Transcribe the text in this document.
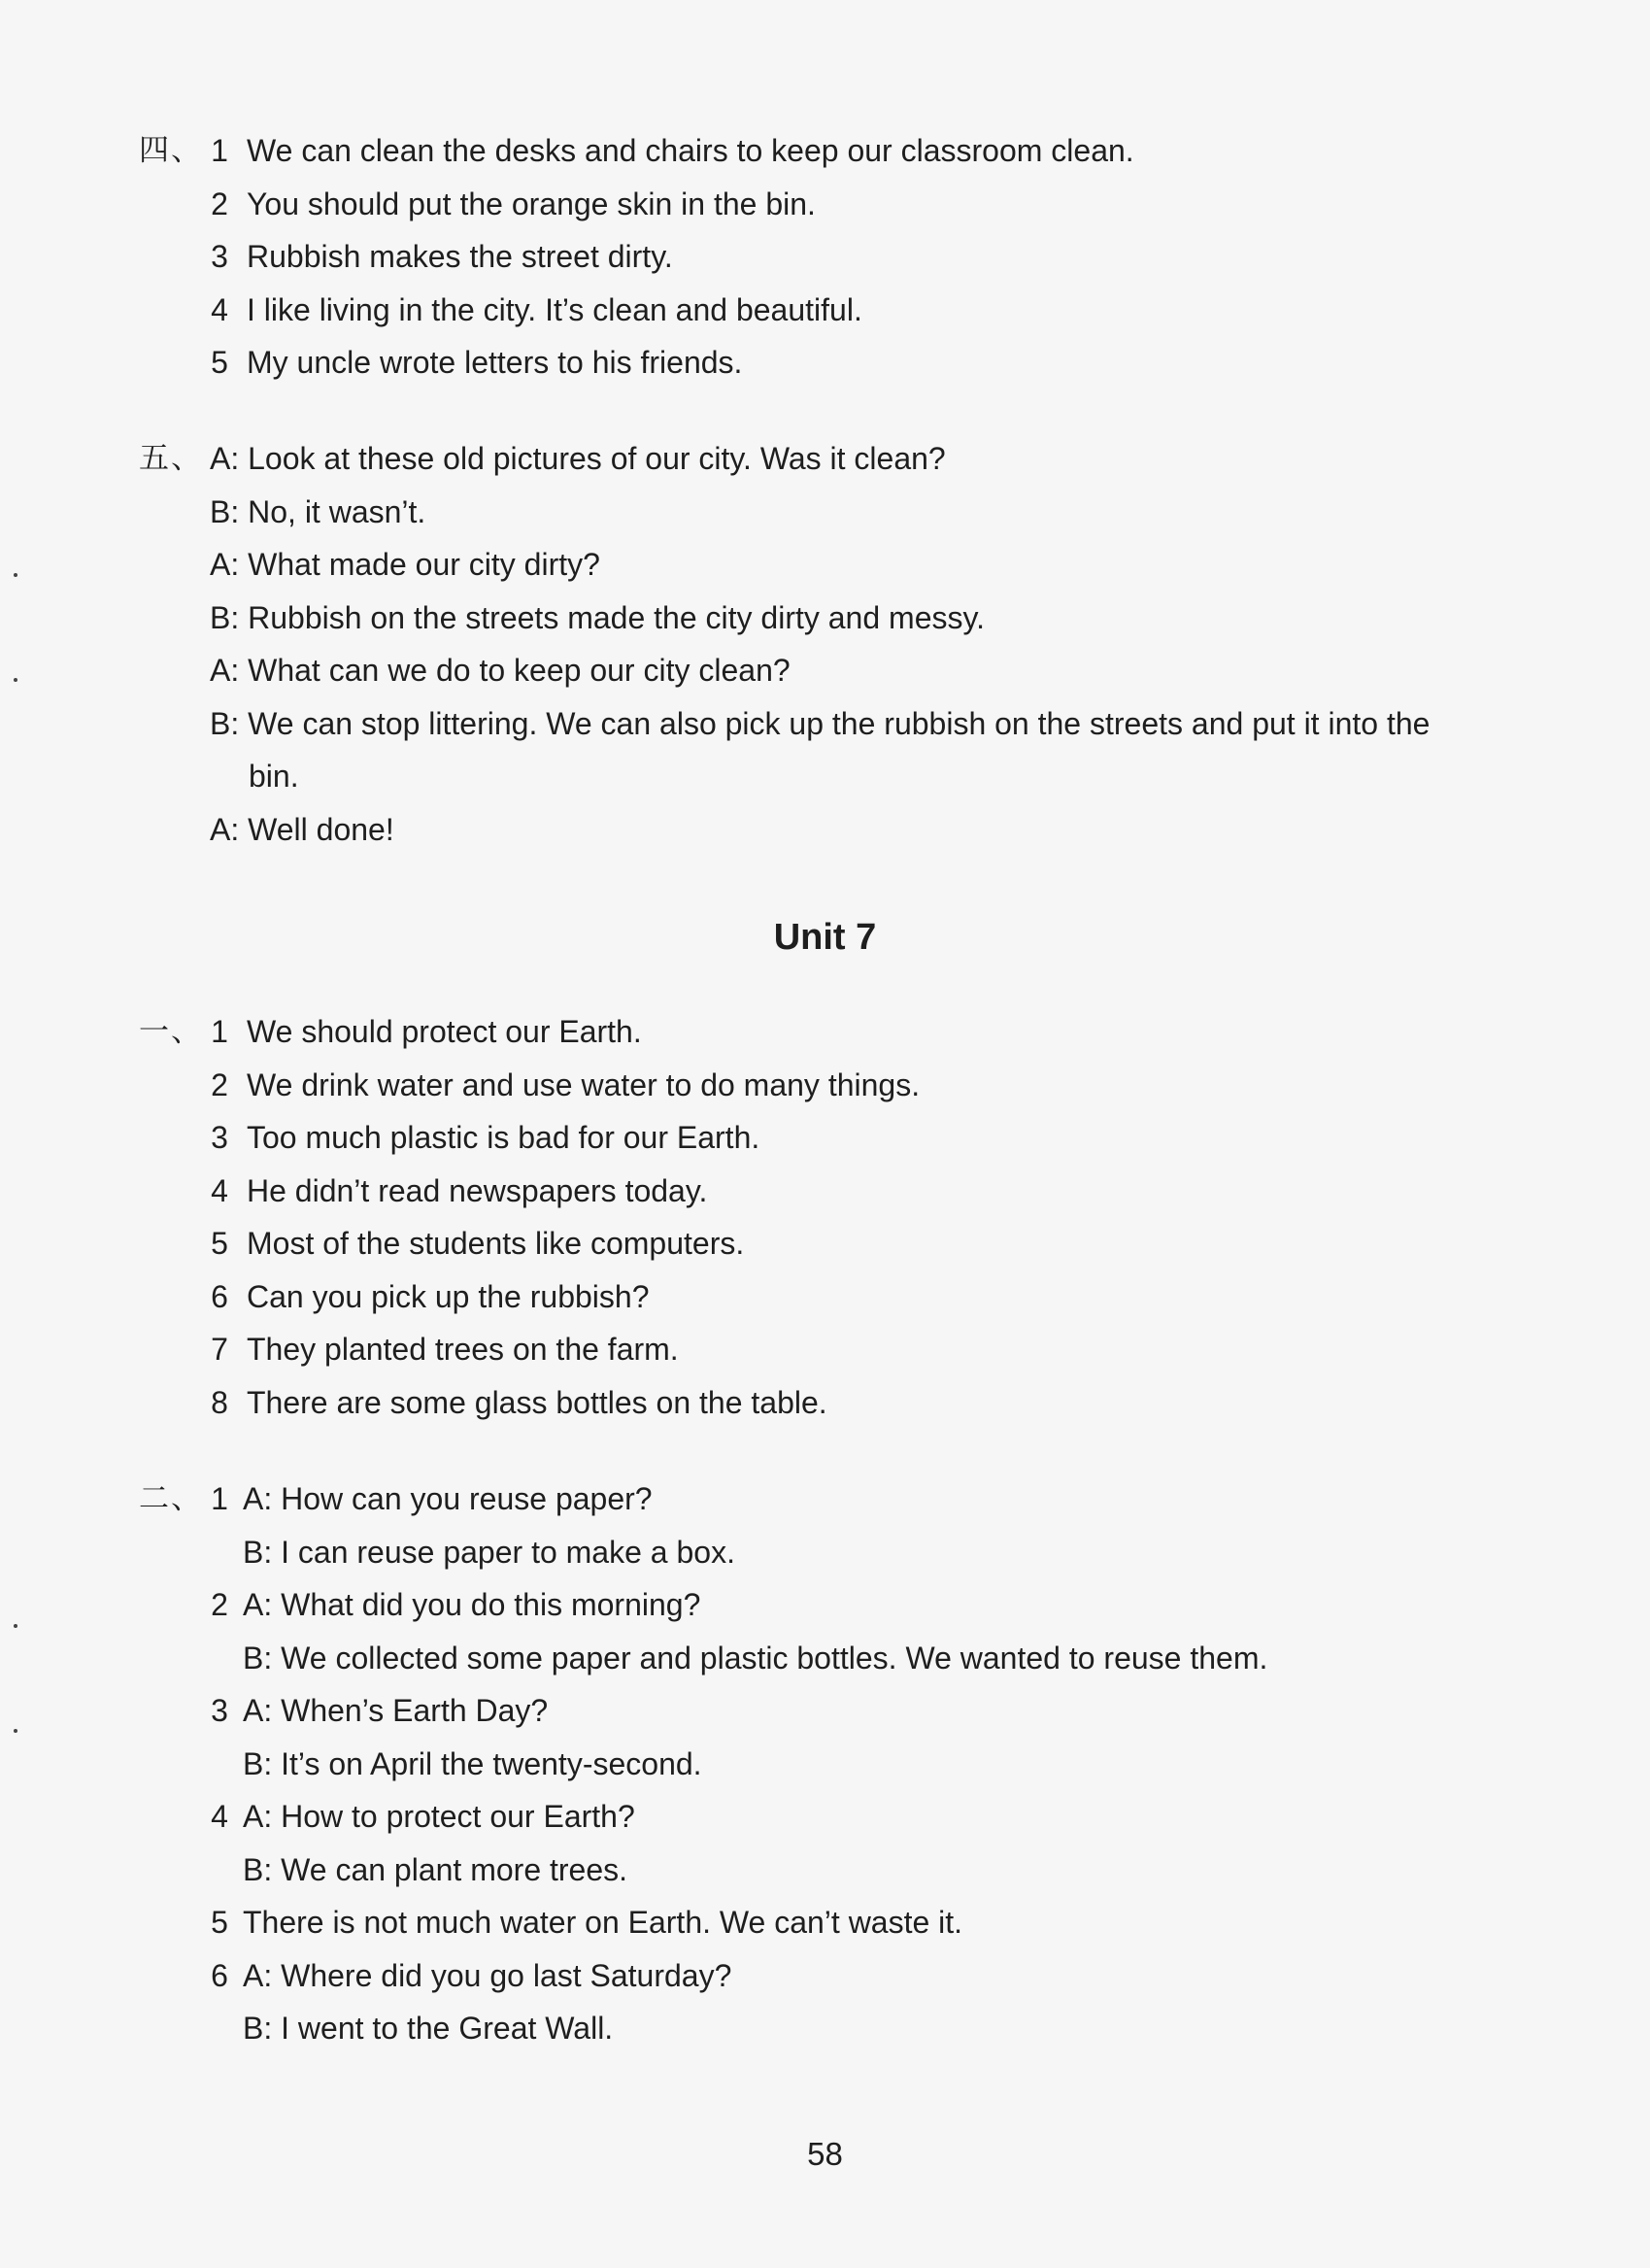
四、 1 We can clean the desks and chairs to keep our classroom clean.
2 You should put the orange skin in the bin.
3 Rubbish makes the street dirty.
4 I like living in the city. It’s clean and beautiful.
5 My uncle wrote letters to his friends.
五、 A: Look at these old pictures of our city. Was it clean?
B: No, it wasn’t.
A: What made our city dirty?
B: Rubbish on the streets made the city dirty and messy.
A: What can we do to keep our city clean?
B: We can stop littering. We can also pick up the rubbish on the streets and put it into the
bin.
A: Well done!
Unit 7
一、 1 We should protect our Earth.
2 We drink water and use water to do many things.
3 Too much plastic is bad for our Earth.
4 He didn’t read newspapers today.
5 Most of the students like computers.
6 Can you pick up the rubbish?
7 They planted trees on the farm.
8 There are some glass bottles on the table.
二、 1 A: How can you reuse paper?
B: I can reuse paper to make a box.
2 A: What did you do this morning?
B: We collected some paper and plastic bottles. We wanted to reuse them.
3 A: When’s Earth Day?
B: It’s on April the twenty-second.
4 A: How to protect our Earth?
B: We can plant more trees.
5 There is not much water on Earth. We can’t waste it.
6 A: Where did you go last Saturday?
B: I went to the Great Wall.
58
